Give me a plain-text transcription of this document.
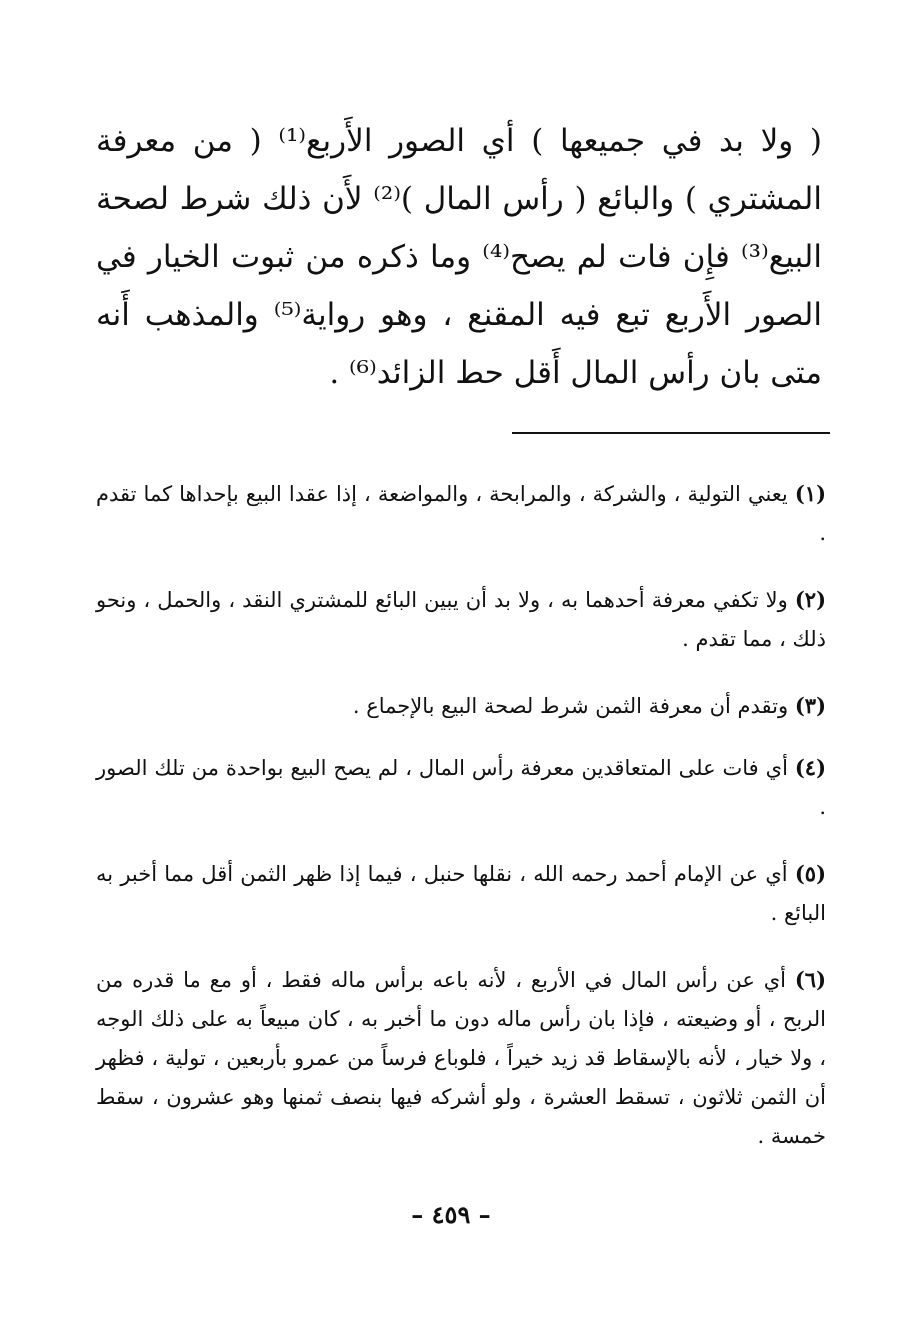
( ولا بد في جميعها ) أي الصور الأَربع⁽¹⁾ ( من معرفة المشتري ) والبائع ( رأس المال )⁽²⁾ لأَن ذلك شرط لصحة البيع⁽³⁾ فإِن فات لم يصح⁽⁴⁾ وما ذكره من ثبوت الخيار في الصور الأَربع تبع فيه المقنع ، وهو رواية⁽⁵⁾ والمذهب أَنه متى بان رأس المال أَقل حط الزائد⁽⁶⁾ .

(١) يعني التولية ، والشركة ، والمرابحة ، والمواضعة ، إذا عقدا البيع بإحداها كما تقدم .

(٢) ولا تكفي معرفة أحدهما به ، ولا بد أن يبين البائع للمشتري النقد ، والحمل ، ونحو ذلك ، مما تقدم .

(٣) وتقدم أن معرفة الثمن شرط لصحة البيع بالإجماع .

(٤) أي فات على المتعاقدين معرفة رأس المال ، لم يصح البيع بواحدة من تلك الصور .

(٥) أي عن الإمام أحمد رحمه الله ، نقلها حنبل ، فيما إذا ظهر الثمن أقل مما أخبر به البائع .

(٦) أي عن رأس المال في الأربع ، لأنه باعه برأس ماله فقط ، أو مع ما قدره من الربح ، أو وضيعته ، فإذا بان رأس ماله دون ما أخبر به ، كان مبيعاً به على ذلك الوجه ، ولا خيار ، لأنه بالإسقاط قد زيد خيراً ، فلوباع فرساً من عمرو بأربعين ، تولية ، فظهر أن الثمن ثلاثون ، تسقط العشرة ، ولو أشركه فيها بنصف ثمنها وهو عشرون ، سقط خمسة .

– ٤٥٩ –
